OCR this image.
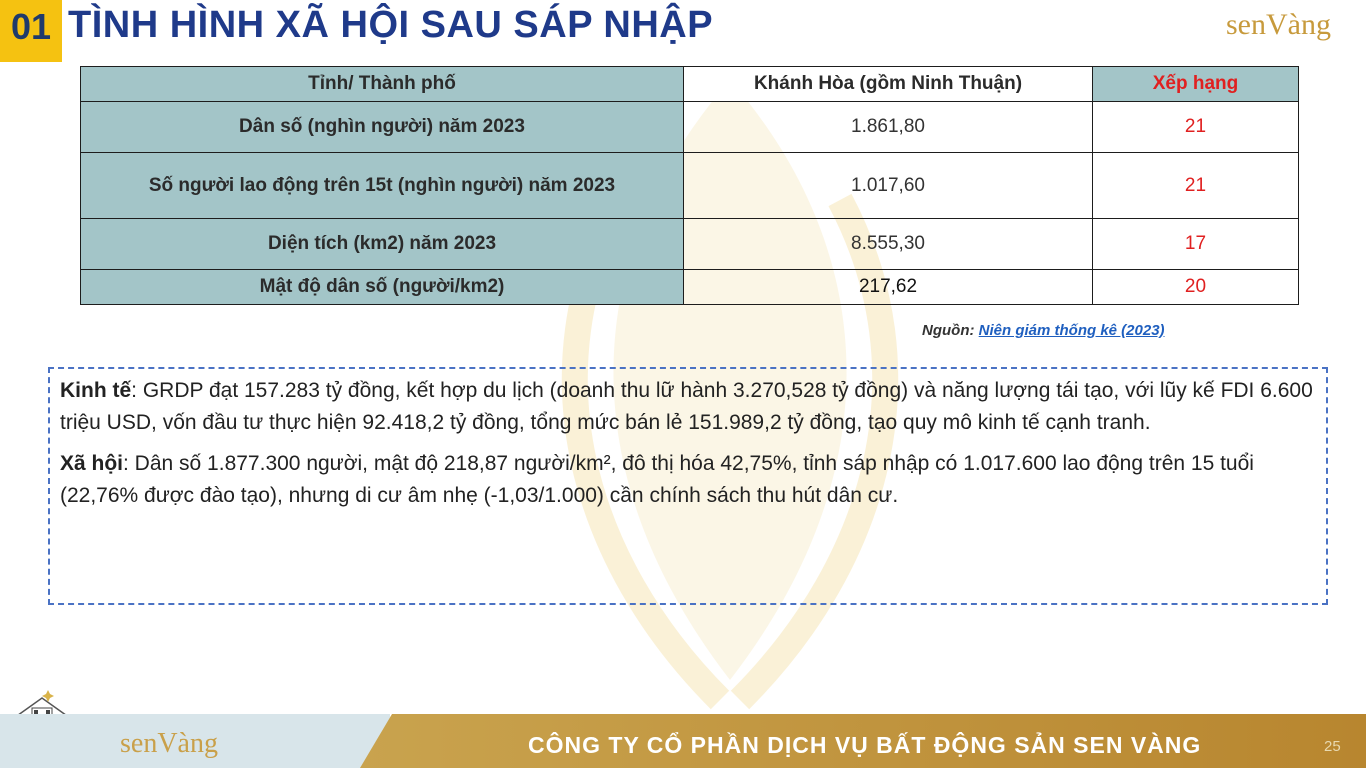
01 TÌNH HÌNH XÃ HỘI SAU SÁP NHẬP	senVàng
Tỉnh/ Thành phố	Khánh Hòa (gồm Ninh Thuận)	Xếp hạng
Dân số (nghìn người) năm 2023	1.861,80	21
Số người lao động trên 15t (nghìn người) năm 2023	1.017,60	21
Diện tích (km2) năm 2023	8.555,30	17
Mật độ dân số (người/km2)	217,62	20
Nguồn: Niên giám thống kê (2023)

Kinh tế: GRDP đạt 157.283 tỷ đồng, kết hợp du lịch (doanh thu lữ hành 3.270,528 tỷ đồng) và năng lượng tái tạo, với lũy kế FDI 6.600 triệu USD, vốn đầu tư thực hiện 92.418,2 tỷ đồng, tổng mức bán lẻ 151.989,2 tỷ đồng, tạo quy mô kinh tế cạnh tranh.

Xã hội: Dân số 1.877.300 người, mật độ 218,87 người/km², đô thị hóa 42,75%, tỉnh sáp nhập có 1.017.600 lao động trên 15 tuổi (22,76% được đào tạo), nhưng di cư âm nhẹ (-1,03/1.000) cần chính sách thu hút dân cư.

senVàng	CÔNG TY CỔ PHẦN DỊCH VỤ BẤT ĐỘNG SẢN SEN VÀNG	25
